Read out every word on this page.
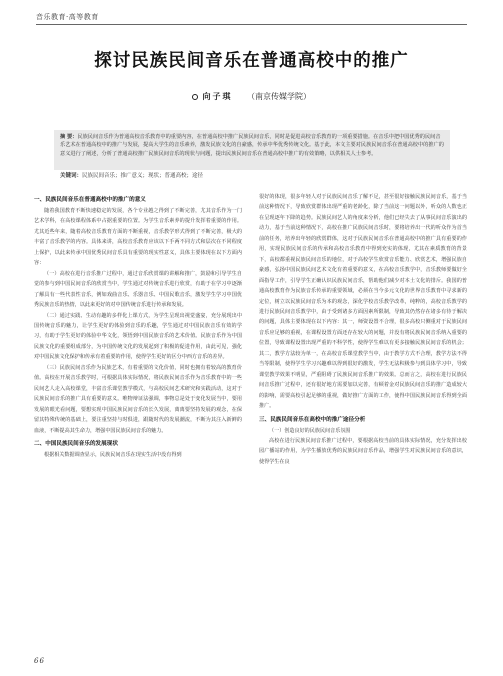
音乐教育·高等教育
探讨民族民间音乐在普通高校中的推广
向子琪 （南京传媒学院）
摘 要：民族民间音乐作为普通高校音乐教育中的重要内容，在普通高校中推广民族民间音乐，同时是促进高校音乐教育的一项重要措施。在音乐中把中国优秀的民间音乐艺术在普通高校中的推广与发展，提高大学生的音乐素养，激发民族文化的自豪感，传承中华优秀传统文化。基于此，本文主要对民族民间音乐在普通高校中的推广的意义进行了阐述，分析了普通高校推广民族民间音乐的现状与问题，提出民族民间音乐在普通高校中推广的有效策略，以供相关人士参考。
关键词：民族民间音乐；推广意义；现状；普通高校；途径
一、民族民间音乐在普通高校中的推广的意义

随着我国教育不断快速稳定的发展，各个专业越之得到了不断完善，尤其音乐作为一门艺术学科，在高校课程体系中占据重要的位置。为学生音乐素养的提升发挥着重要的作用。尤其近些年来，随着高校音乐教育方面的不断重视，音乐教学形式得到了不断完善，极大的丰富了音乐教学的内容。具体来讲，高校音乐教育应该以下手两不同方式和层次在不同程度上保护，以此来传承中国优秀民间音乐具有重要的现实性意义，具体主要体现在以下方面内容：

（一）高校在进行音乐推广过程中，通过音乐欣赏课的讲解和推广，鼓励和引导学生自觉的参与到中国民间音乐的欣赏当中，学生通过对传统音乐进行欣赏，有助于在学习中逐渐了解具有一些代表性音乐，例如戏曲音乐、乐器音乐、中国民歌音乐，激发学生学习中国优秀民族音乐的热情，以此来更好的对中国传统音乐进行传承和发展。

（二）通过实践、生动有趣的多样化上课方式，为学生呈现出视觉盛宴，充分展现出中国传统音乐的魅力，让学生更好的体验到音乐的乐趣，学生通过对中国民族音乐有效的学习，有助于学生更好的体验中华文化，领悟到中国民族音乐的艺术价值。民族音乐作为中国民族文化的重要组成部分，为中国传统文化的发展起到了积极的促进作用，由此可见，强化对中国民族文化保护和传承有着重要的作用，使得学生更好的区分中西方音乐的差异。

（三）民族民间音乐作为民族艺术，有着重要的文化价值，同时也拥有着较高的教育价值。高校在开展音乐教学时，可根据具体实际情况，将民族民间音乐作为音乐教育中的一些民间艺人走入高校课堂，丰富音乐课堂教学模式，与高校民间艺术研究和实践活动，这对于民族民间音乐的推广具有重要的意义。唯物辩证法强调，事物总是处于变化发展当中，要用发展的眼光看问题，要想实现中国民族民间音乐的长久发展，离离要坚持发展的观念，在保留其特殊传统的基础上，要注重坚持与时俱进，跟随时代的发展潮流，不断为其注入新鲜的血液，不断提高其生命力，增强中国民族民间音乐的魅力。

二、中国民族民间音乐的发展现状

根据相关数据调查显示，民族民间音乐在现实生活中没有得到

很好的体现，很多年轻人对于民族民间音乐了解不足，甚至很好接触民族民间音乐，基于当前这种情况下，导致欣赏群体出现严重的老龄化，除了当前这一问题以外，听众的人数也正在呈现逐年下降的趋势。民族民间艺人的角度来分析，他们已经失去了从事民间音乐演出的动力，基于当前这种情况下，高校在推广民族民间音乐时，要将培养出一代的听众作为首当前的任务，培养出年轻的欣赏群体，这对于民族民间音乐在普通高校中的推广具有重要的作用，实现民族民间音乐的传承和高校音乐教育中得到充实的体现，尤其在素质教育的背景下，高校都重视民族民间音乐的地位，对于高校学生欣赏音乐能力、欣赏艺术，增强民族自豪感，弘扬中国民族民间艺术文化有着重要的意义，在高校音乐教学中，音乐教师要做好全面指导工作，引导学生正确认识民族民间音乐，帮助他们减少对本土文化的排斥。我国的普通高校教育作为民族音乐传承的重要领域，必须在当今多元文化的世界音乐教育中寻求新的定位，树立以民族民间音乐为本的观念，深化学校音乐教学改革，纯粹的，高校音乐教学的进行民族民间音乐教学中，由于受到诸多方面因素所限制，导致其仍然存在诸多有待于解决的问题，具体主要体现在以下内容：其一，师资设置不合理，很多高校只侧重对于民族民间音乐应足够的重视，在课程设置方面还存在较大的问题，并没有将民族民间音乐纳入重要的位置，导致课程设置出现严重的不科学性，使得学生难以有更多接触民族民间音乐的机会；其二，教学方法较为单一，在高校音乐课堂教学当中，由于教学方式不合理，教学方法不得当等限制，使得学生学习兴趣难以得到很好的激发，学生无法积极参与到具体学习中，导致课堂教学效果不明显，严重阻碍了民族民间音乐推广的效果。总而言之，高校在进行民族民间音乐推广过程中，还有很好地方需要加以完善，有顿着金对民族民间音乐的推广造成较大的影响，需要高校引起足够的重视，做好推广方面的工作，使得中国民族民间音乐得到全面推广。

三、民族民间音乐在高校中的推广途径分析

（一）创造良好的民族民间音乐氛围

高校在进行民族民间音乐推广过程中，要根据高校当前的具体实际情况，充分发挥出校园广播站的作用，为学生播放优秀的民族民间音乐作品，增强学生对民族民间音乐的意识，使得学生在良

66
